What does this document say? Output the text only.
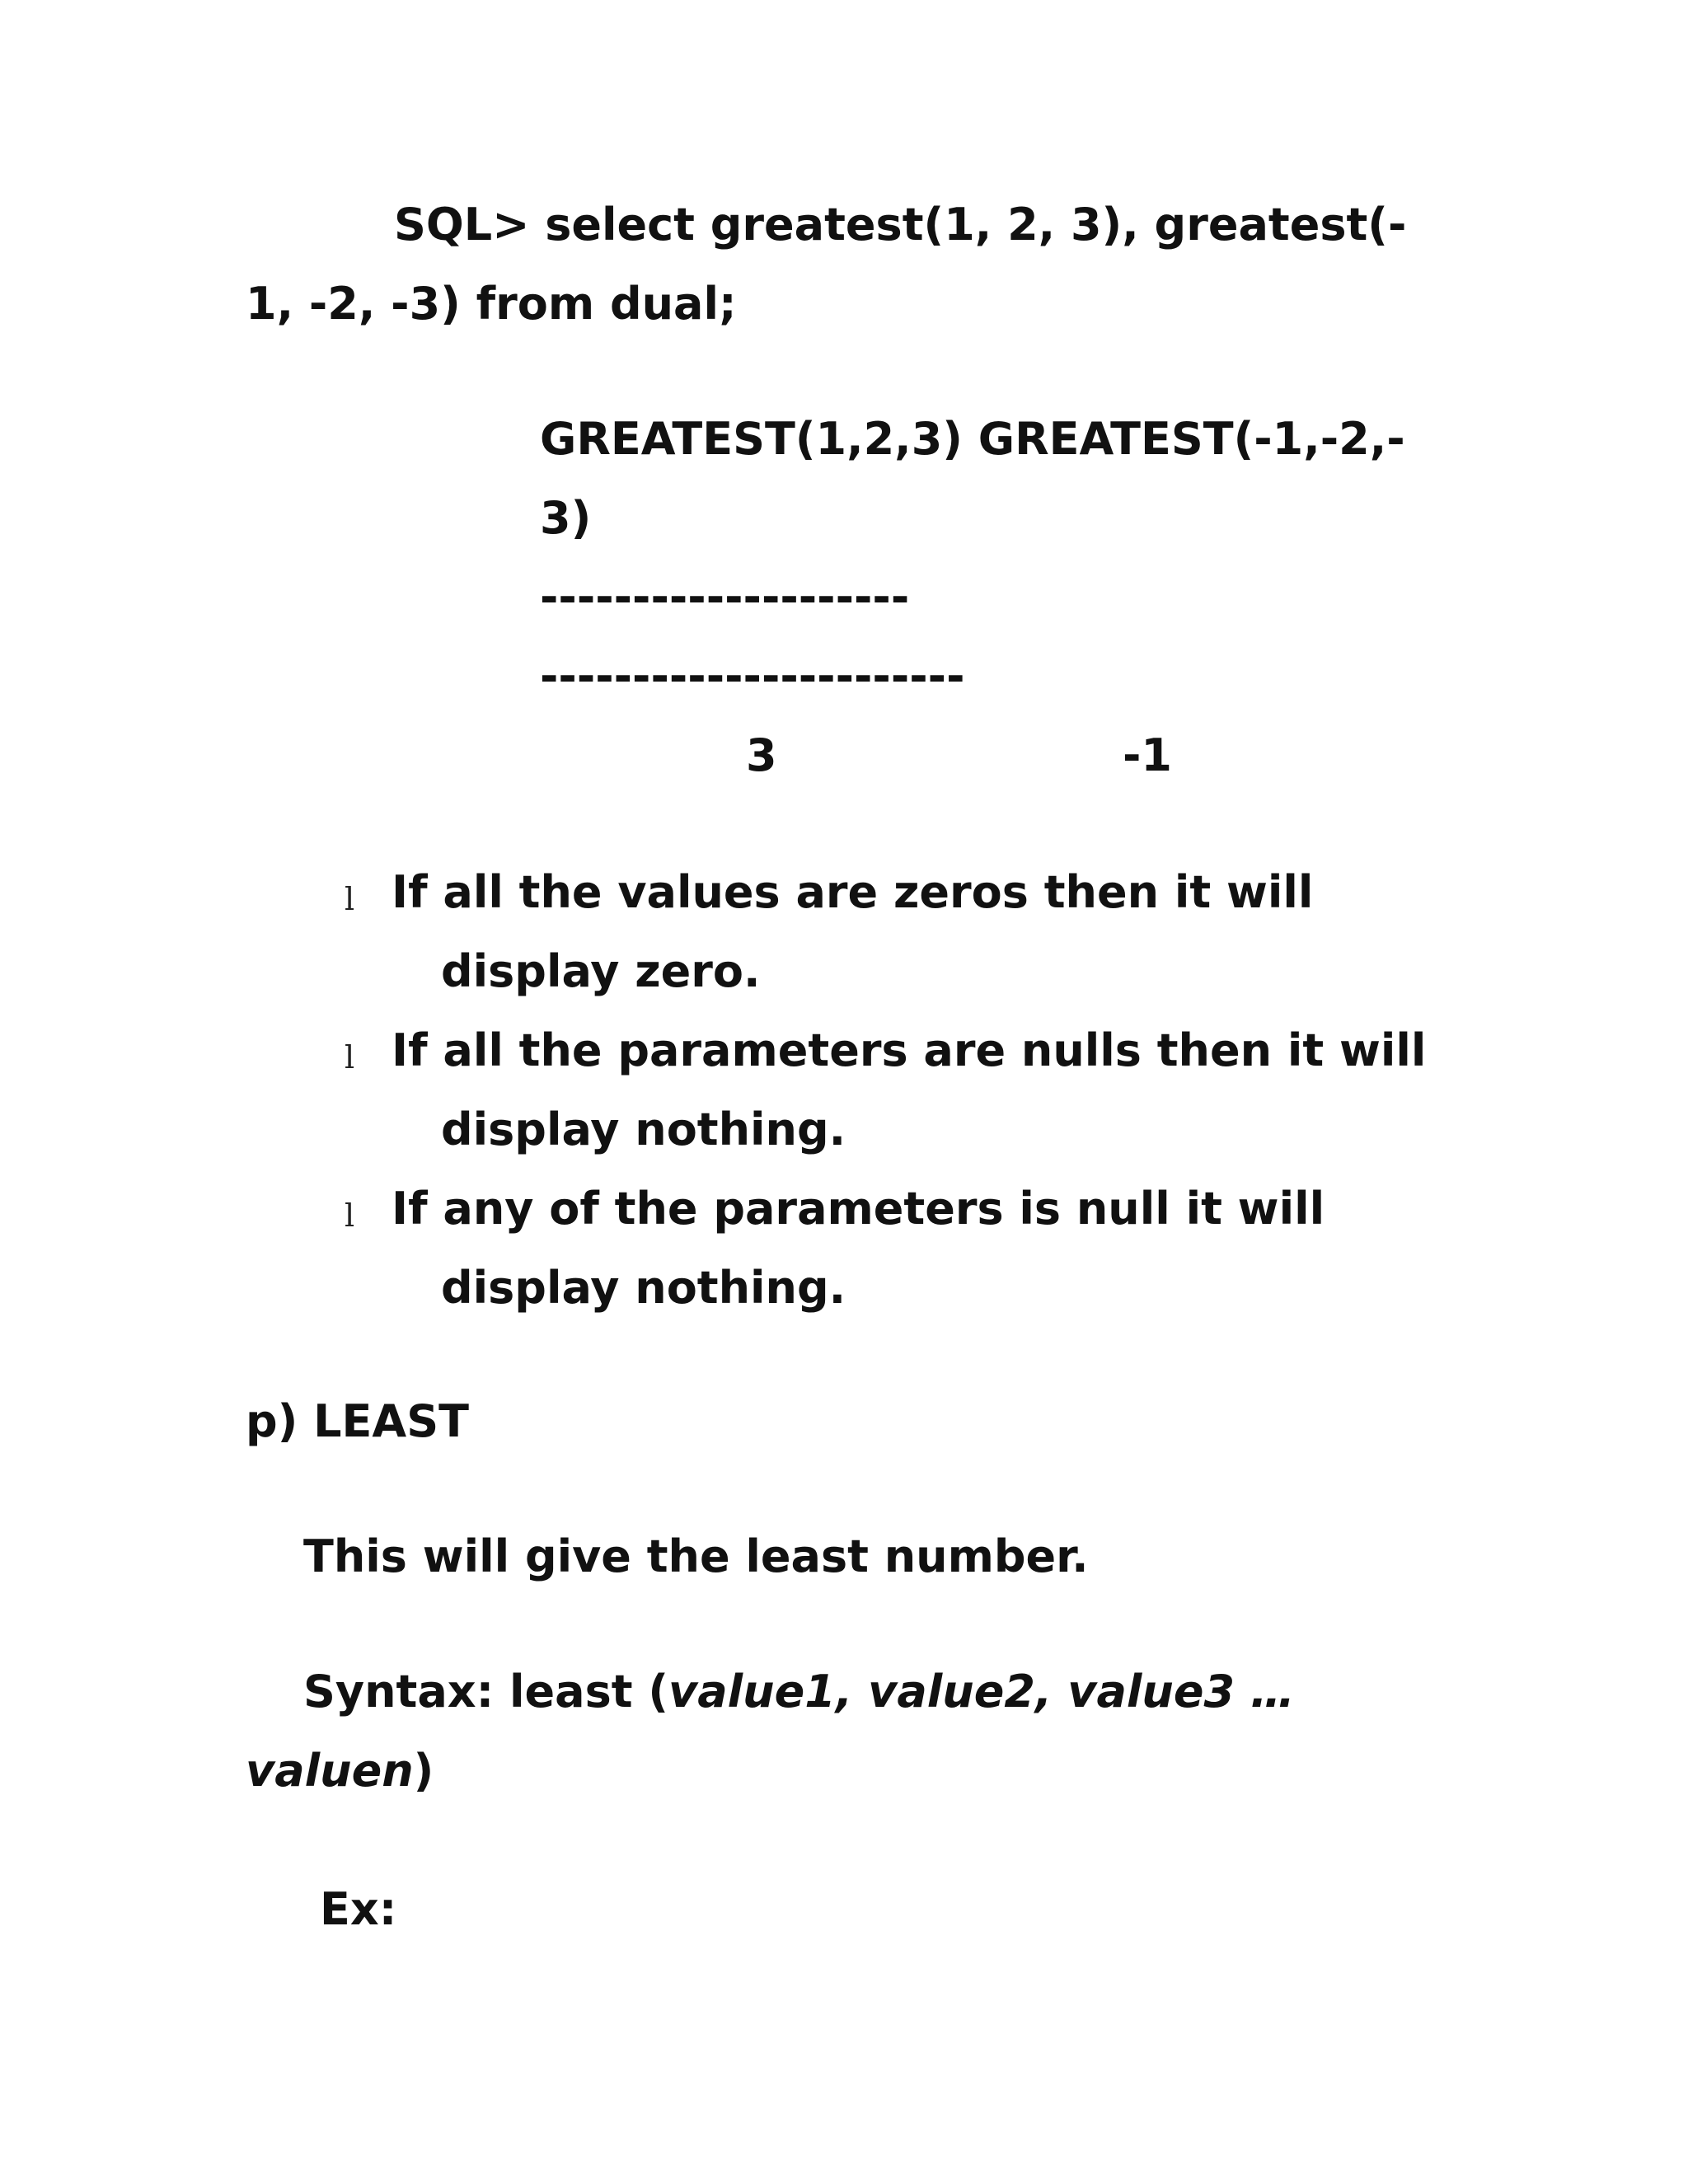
SQL> select greatest(1, 2, 3), greatest(-
1, -2, -3) from dual;
GREATEST(1,2,3) GREATEST(-1,-2,-
3)
--------------------
-----------------------
3	-1
l If all the values are zeros then it will
display zero.
l If all the parameters are nulls then it will
display nothing.
l If any of the parameters is null it will
display nothing.
p) LEAST
This will give the least number.
Syntax: least (value1, value2, value3 …
valuen)
Ex:
